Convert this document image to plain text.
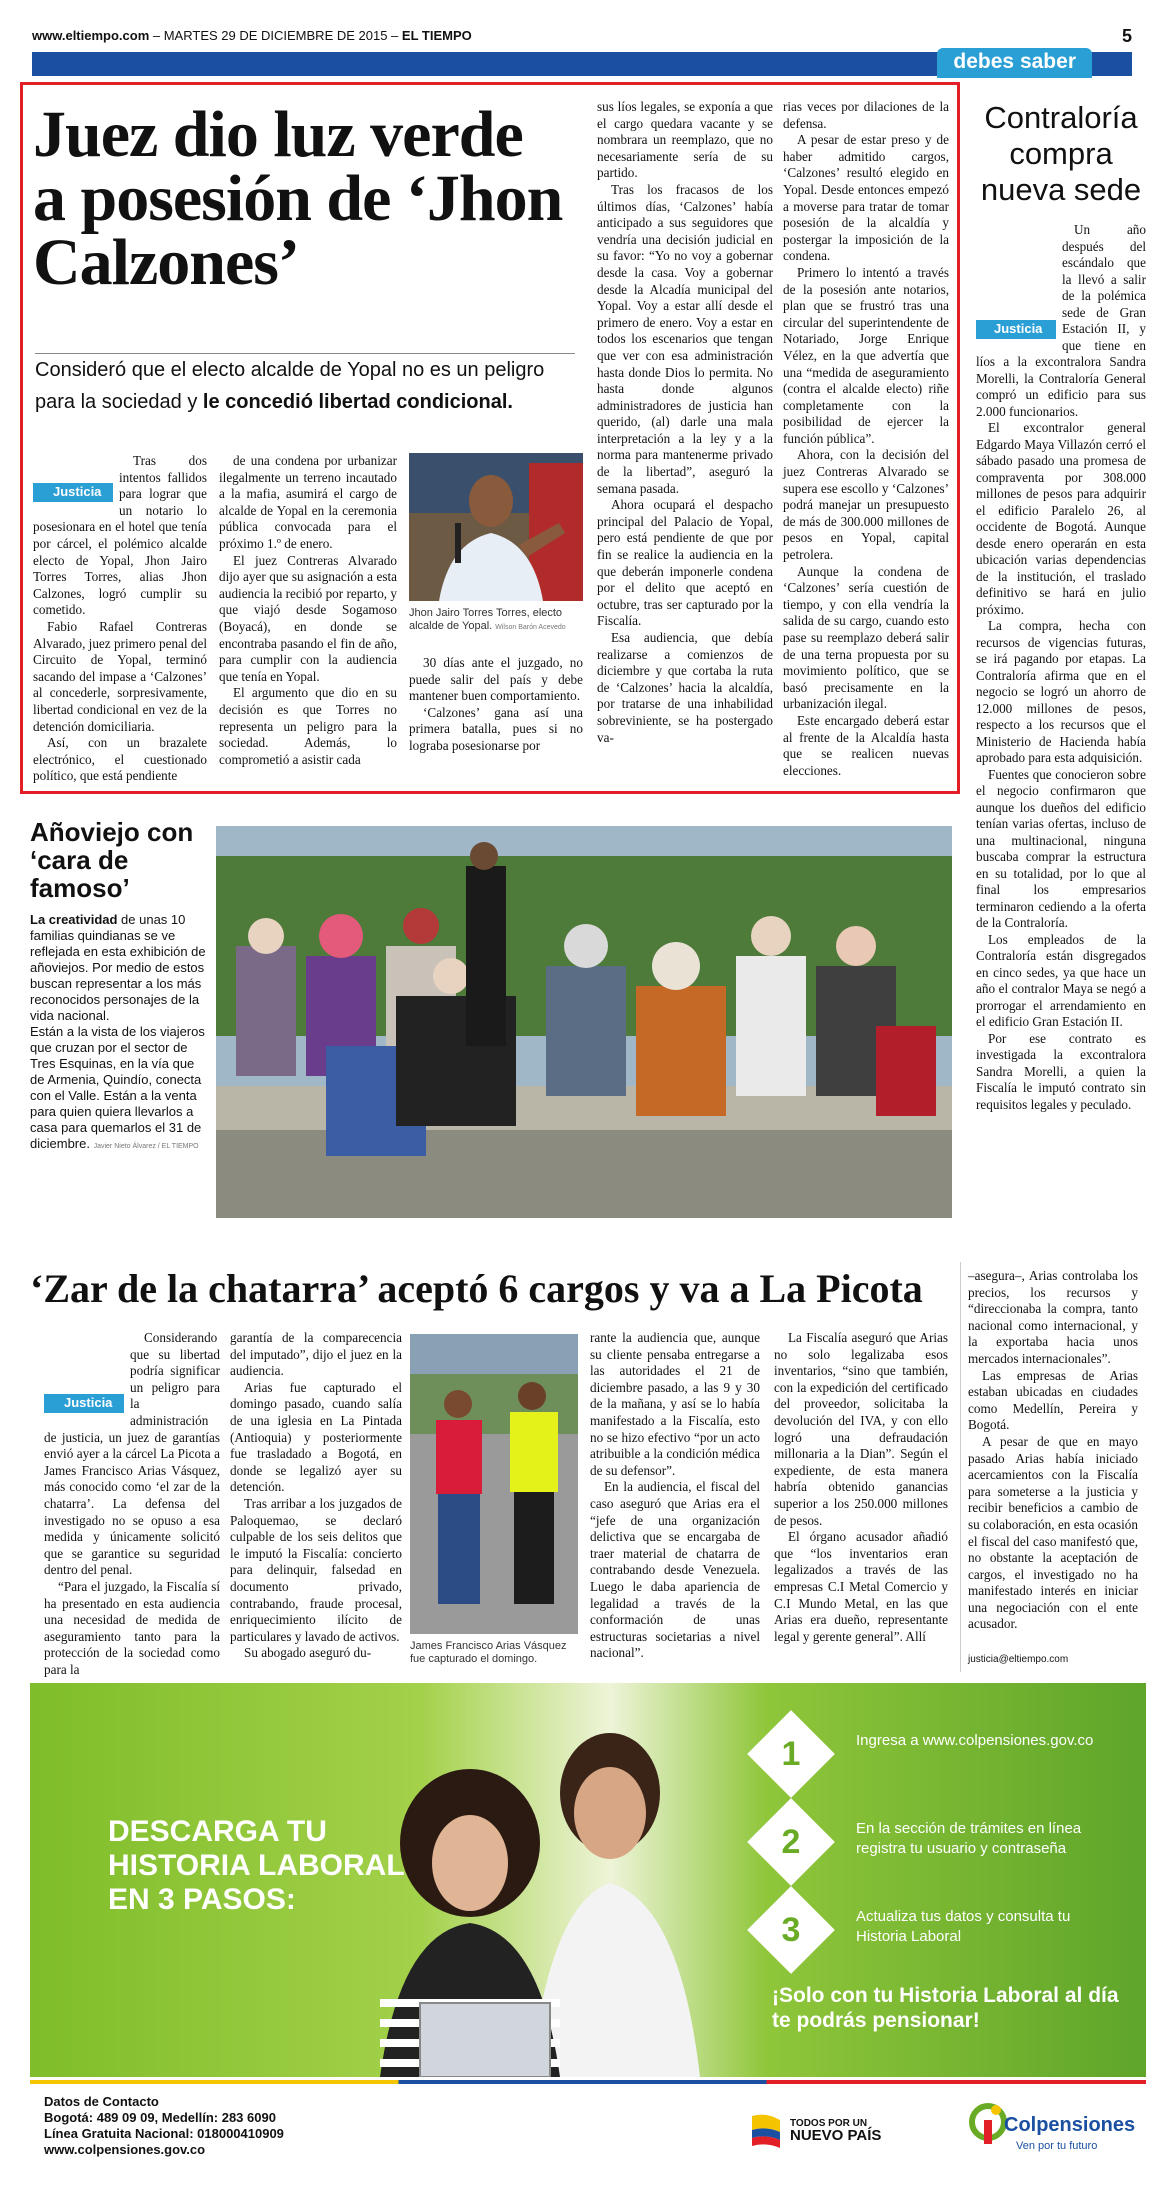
www.eltiempo.com – MARTES 29 DE DICIEMBRE DE 2015 – EL TIEMPO	5
debes saber
Juez dio luz verde a posesión de ‘Jhon Calzones’
Consideró que el electo alcalde de Yopal no es un peligro
para la sociedad y le concedió libertad condicional.

Justicia
Tras dos intentos fallidos para lograr que un notario lo posesionara en el hotel que tenía por cárcel, el polémico alcalde electo de Yopal, Jhon Jairo Torres Torres, alias Jhon Calzones, logró cumplir su cometido.

Fabio Rafael Contreras Alvarado, juez primero penal del Circuito de Yopal, terminó sacando del impase a ‘Calzones’ al concederle, sorpresivamente, libertad condicional en vez de la detención domiciliaria.

Así, con un brazalete electrónico, el cuestionado político, que está pendiente

de una condena por urbanizar ilegalmente un terreno incautado a la mafia, asumirá el cargo de alcalde de Yopal en la ceremonia pública convocada para el próximo 1.º de enero.

El juez Contreras Alvarado dijo ayer que su asignación a esta audiencia la recibió por reparto, y que viajó desde Sogamoso (Boyacá), en donde se encontraba pasando el fin de año, para cumplir con la audiencia que tenía en Yopal.

El argumento que dio en su decisión es que Torres no representa un peligro para la sociedad. Además, lo comprometió a asistir cada

Jhon Jairo Torres Torres, electo alcalde de Yopal. Wilson Barón Acevedo

30 días ante el juzgado, no puede salir del país y debe mantener buen comportamiento.

‘Calzones’ gana así una primera batalla, pues si no lograba posesionarse por

sus líos legales, se exponía a que el cargo quedara vacante y se nombrara un reemplazo, que no necesariamente sería de su partido.

Tras los fracasos de los últimos días, ‘Calzones’ había anticipado a sus seguidores que vendría una decisión judicial en su favor: “Yo no voy a gobernar desde la casa. Voy a gobernar desde la Alcadía municipal del Yopal. Voy a estar allí desde el primero de enero. Voy a estar en todos los escenarios que tengan que ver con esa administración hasta donde Dios lo permita. No hasta donde algunos administradores de justicia han querido, (al) darle una mala interpretación a la ley y a la norma para mantenerme privado de la libertad”, aseguró la semana pasada.

Ahora ocupará el despacho principal del Palacio de Yopal, pero está pendiente de que por fin se realice la audiencia en la que deberán imponerle condena por el delito que aceptó en octubre, tras ser capturado por la Fiscalía.

Esa audiencia, que debía realizarse a comienzos de diciembre y que cortaba la ruta de ‘Calzones’ hacia la alcaldía, por tratarse de una inhabilidad sobreviniente, se ha postergado va-

rias veces por dilaciones de la defensa.

A pesar de estar preso y de haber admitido cargos, ‘Calzones’ resultó elegido en Yopal. Desde entonces empezó a moverse para tratar de tomar posesión de la alcaldía y postergar la imposición de la condena.

Primero lo intentó a través de la posesión ante notarios, plan que se frustró tras una circular del superintendente de Notariado, Jorge Enrique Vélez, en la que advertía que una “medida de aseguramiento (contra el alcalde electo) riñe completamente con la posibilidad de ejercer la función pública”.

Ahora, con la decisión del juez Contreras Alvarado se supera ese escollo y ‘Calzones’ podrá manejar un presupuesto de más de 300.000 millones de pesos en Yopal, capital petrolera.

Aunque la condena de ‘Calzones’ sería cuestión de tiempo, y con ella vendría la salida de su cargo, cuando esto pase su reemplazo deberá salir de una terna propuesta por su movimiento político, que se basó precisamente en la urbanización ilegal.

Este encargado deberá estar al frente de la Alcaldía hasta que se realicen nuevas elecciones.

Contraloría compra nueva sede

Justicia
Un año después del escándalo que la llevó a salir de la polémica sede de Gran Estación II, y que tiene en líos a la excontralora Sandra Morelli, la Contraloría General compró un edificio para sus 2.000 funcionarios.

El excontralor general Edgardo Maya Villazón cerró el sábado pasado una promesa de compraventa por 308.000 millones de pesos para adquirir el edificio Paralelo 26, al occidente de Bogotá. Aunque desde enero operarán en esta ubicación varias dependencias de la institución, el traslado definitivo se hará en julio próximo.

La compra, hecha con recursos de vigencias futuras, se irá pagando por etapas. La Contraloría afirma que en el negocio se logró un ahorro de 12.000 millones de pesos, respecto a los recursos que el Ministerio de Hacienda había aprobado para esta adquisición.

Fuentes que conocieron sobre el negocio confirmaron que aunque los dueños del edificio tenían varias ofertas, incluso de una multinacional, ninguna buscaba comprar la estructura en su totalidad, por lo que al final los empresarios terminaron cediendo a la oferta de la Contraloría.

Los empleados de la Contraloría están disgregados en cinco sedes, ya que hace un año el contralor Maya se negó a prorrogar el arrendamiento en el edificio Gran Estación II.

Por ese contrato es investigada la excontralora Sandra Morelli, a quien la Fiscalía le imputó contrato sin requisitos legales y peculado.

Añoviejo con ‘cara de famoso’
La creatividad de unas 10 familias quindianas se ve reflejada en esta exhibición de añoviejos. Por medio de estos buscan representar a los más reconocidos personajes de la vida nacional.
Están a la vista de los viajeros que cruzan por el sector de Tres Esquinas, en la vía que de Armenia, Quindío, conecta con el Valle. Están a la venta para quien quiera llevarlos a casa para quemarlos el 31 de diciembre. Javier Nieto Álvarez / EL TIEMPO
‘Zar de la chatarra’ aceptó 6 cargos y va a La Picota

Justicia
Considerando que su libertad podría significar un peligro para la administración de justicia, un juez de garantías envió ayer a la cárcel La Picota a James Francisco Arias Vásquez, más conocido como ‘el zar de la chatarra’. La defensa del investigado no se opuso a esa medida y únicamente solicitó que se garantice su seguridad dentro del penal.

“Para el juzgado, la Fiscalía sí ha presentado en esta audiencia una necesidad de medida de aseguramiento tanto para la protección de la sociedad como para la

garantía de la comparecencia del imputado”, dijo el juez en la audiencia.

Arias fue capturado el domingo pasado, cuando salía de una iglesia en La Pintada (Antioquia) y posteriormente fue trasladado a Bogotá, en donde se legalizó ayer su detención.

Tras arribar a los juzgados de Paloquemao, se declaró culpable de los seis delitos que le imputó la Fiscalía: concierto para delinquir, falsedad en documento privado, contrabando, fraude procesal, enriquecimiento ilícito de particulares y lavado de activos.

Su abogado aseguró du-	James Francisco Arias Vásquez fue capturado el domingo.

rante la audiencia que, aunque su cliente pensaba entregarse a las autoridades el 21 de diciembre pasado, a las 9 y 30 de la mañana, y así se lo había manifestado a la Fiscalía, esto no se hizo efectivo “por un acto atribuible a la condición médica de su defensor”.

En la audiencia, el fiscal del caso aseguró que Arias era el “jefe de una organización delictiva que se encargaba de traer material de chatarra de contrabando desde Venezuela. Luego le daba apariencia de legalidad a través de la conformación de unas estructuras societarias a nivel nacional”.

La Fiscalía aseguró que Arias no solo legalizaba esos inventarios, “sino que también, con la expedición del certificado del proveedor, solicitaba la devolución del IVA, y con ello logró una defraudación millonaria a la Dian”. Según el expediente, de esta manera habría obtenido ganancias superior a los 250.000 millones de pesos.

El órgano acusador añadió que “los inventarios eran legalizados a través de las empresas C.I Metal Comercio y C.I Mundo Metal, en las que Arias era dueño, representante legal y gerente general”. Allí

–asegura–, Arias controlaba los precios, los recursos y “direccionaba la compra, tanto nacional como internacional, y la exportaba hacia unos mercados internacionales”.

Las empresas de Arias estaban ubicadas en ciudades como Medellín, Pereira y Bogotá.

A pesar de que en mayo pasado Arias había iniciado acercamientos con la Fiscalía para someterse a la justicia y recibir beneficios a cambio de su colaboración, en esta ocasión el fiscal del caso manifestó que, no obstante la aceptación de cargos, el investigado no ha manifestado interés en iniciar una negociación con el ente acusador.

justicia@eltiempo.com
DESCARGA TU HISTORIA LABORAL EN 3 PASOS:
1	Ingresa a www.colpensiones.gov.co
2	En la sección de trámites en línea registra tu usuario y contraseña
3	Actualiza tus datos y consulta tu Historia Laboral
¡Solo con tu Historia Laboral al día te podrás pensionar!
Datos de Contacto
Bogotá: 489 09 09, Medellín: 283 6090
Línea Gratuita Nacional: 018000410909
www.colpensiones.gov.co
TODOS POR UN
NUEVO PAÍS	Colpensiones
Ven por tu futuro
